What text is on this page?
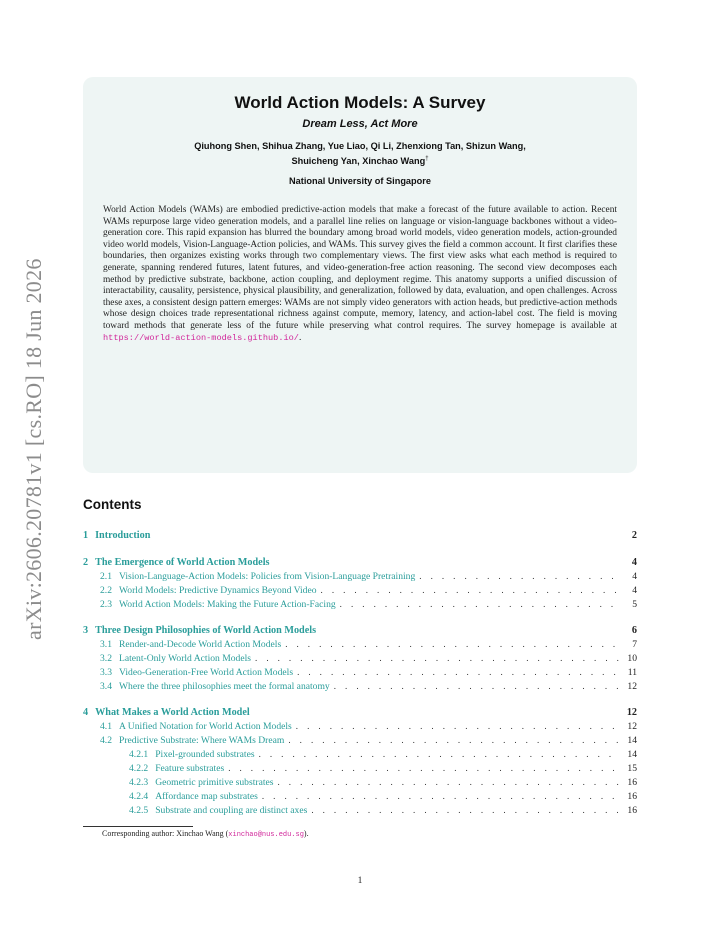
arXiv:2606.20781v1 [cs.RO] 18 Jun 2026
World Action Models: A Survey
Dream Less, Act More
Qiuhong Shen, Shihua Zhang, Yue Liao, Qi Li, Zhenxiong Tan, Shizun Wang,
Shuicheng Yan, Xinchao Wang†
National University of Singapore
World Action Models (WAMs) are embodied predictive-action models that make a forecast of the future available to action. Recent WAMs repurpose large video generation models, and a parallel line relies on language or vision-language backbones without a video-generation core. This rapid expansion has blurred the boundary among broad world models, video generation models, action-grounded video world models, Vision-Language-Action policies, and WAMs. This survey gives the field a common account. It first clarifies these boundaries, then organizes existing works through two complementary views. The first view asks what each method is required to generate, spanning rendered futures, latent futures, and video-generation-free action reasoning. The second view decomposes each method by predictive substrate, backbone, action coupling, and deployment regime. This anatomy supports a unified discussion of interactability, causality, persistence, physical plausibility, and generalization, followed by data, evaluation, and open challenges. Across these axes, a consistent design pattern emerges: WAMs are not simply video generators with action heads, but predictive-action methods whose design choices trade representational richness against compute, memory, latency, and action-label cost. The field is moving toward methods that generate less of the future while preserving what control requires. The survey homepage is available at https://world-action-models.github.io/.
Contents
1 Introduction	2
2 The Emergence of World Action Models	4
2.1 Vision-Language-Action Models: Policies from Vision-Language Pretraining . . .	4
2.2 World Models: Predictive Dynamics Beyond Video . . .	4
2.3 World Action Models: Making the Future Action-Facing . . .	5
3 Three Design Philosophies of World Action Models	6
3.1 Render-and-Decode World Action Models . . .	7
3.2 Latent-Only World Action Models . . .	10
3.3 Video-Generation-Free World Action Models . . .	11
3.4 Where the three philosophies meet the formal anatomy . . .	12
4 What Makes a World Action Model	12
4.1 A Unified Notation for World Action Models . . .	12
4.2 Predictive Substrate: Where WAMs Dream . . .	14
4.2.1 Pixel-grounded substrates . . .	14
4.2.2 Feature substrates . . .	15
4.2.3 Geometric primitive substrates . . .	16
4.2.4 Affordance map substrates . . .	16
4.2.5 Substrate and coupling are distinct axes . . .	16
Corresponding author: Xinchao Wang (xinchao@nus.edu.sg).
1
